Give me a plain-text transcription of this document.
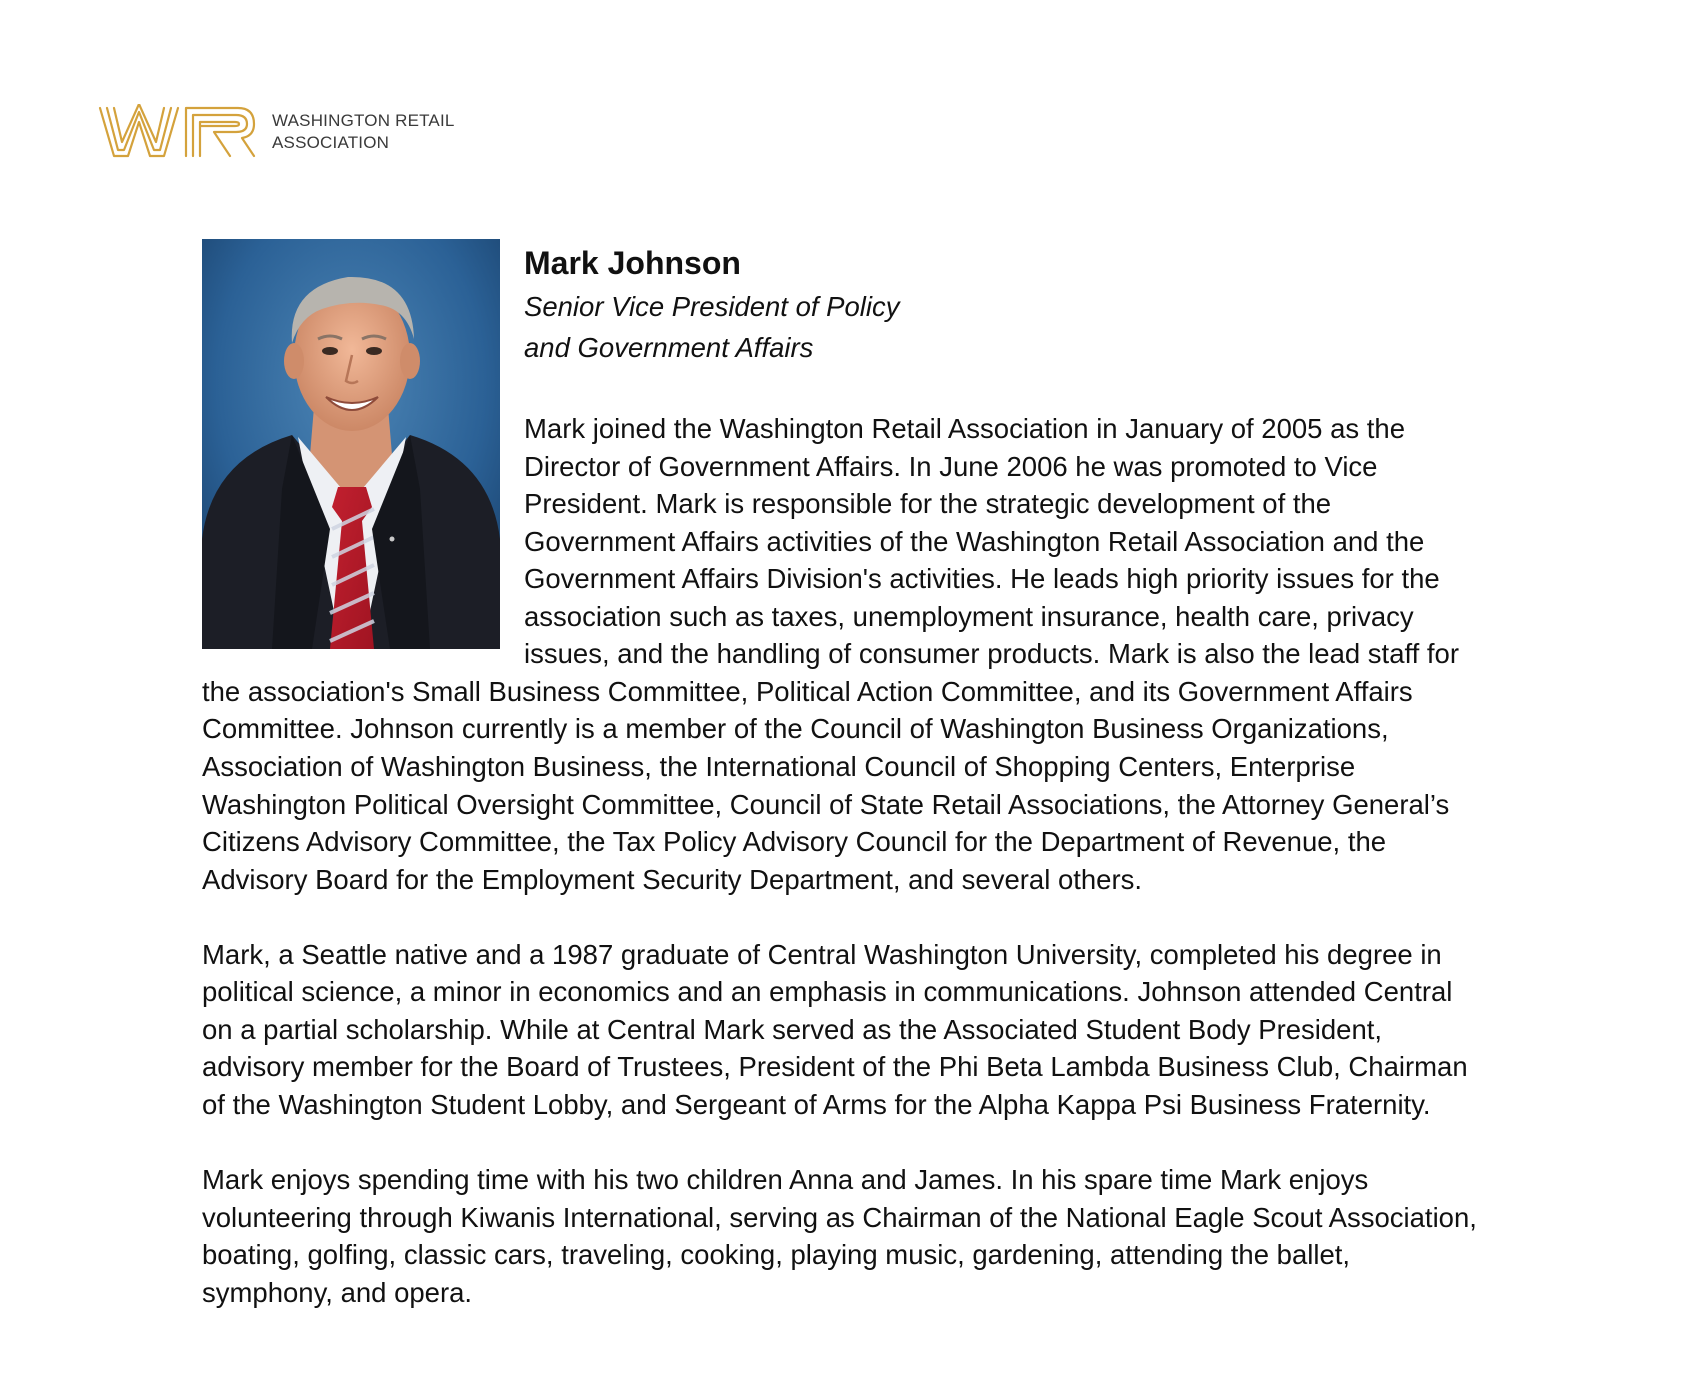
WASHINGTON RETAIL
ASSOCIATION
Mark Johnson
Senior Vice President of Policy
and Government Affairs
Mark joined the Washington Retail Association in January of 2005 as the
Director of Government Affairs. In June 2006 he was promoted to Vice
President. Mark is responsible for the strategic development of the
Government Affairs activities of the Washington Retail Association and the
Government Affairs Division's activities. He leads high priority issues for the
association such as taxes, unemployment insurance, health care, privacy
issues, and the handling of consumer products. Mark is also the lead staff for
the association's Small Business Committee, Political Action Committee, and its Government Affairs
Committee. Johnson currently is a member of the Council of Washington Business Organizations,
Association of Washington Business, the International Council of Shopping Centers, Enterprise
Washington Political Oversight Committee, Council of State Retail Associations, the Attorney General’s
Citizens Advisory Committee, the Tax Policy Advisory Council for the Department of Revenue, the
Advisory Board for the Employment Security Department, and several others.
Mark, a Seattle native and a 1987 graduate of Central Washington University, completed his degree in
political science, a minor in economics and an emphasis in communications. Johnson attended Central
on a partial scholarship. While at Central Mark served as the Associated Student Body President,
advisory member for the Board of Trustees, President of the Phi Beta Lambda Business Club, Chairman
of the Washington Student Lobby, and Sergeant of Arms for the Alpha Kappa Psi Business Fraternity.
Mark enjoys spending time with his two children Anna and James. In his spare time Mark enjoys
volunteering through Kiwanis International, serving as Chairman of the National Eagle Scout Association,
boating, golfing, classic cars, traveling, cooking, playing music, gardening, attending the ballet,
symphony, and opera.
